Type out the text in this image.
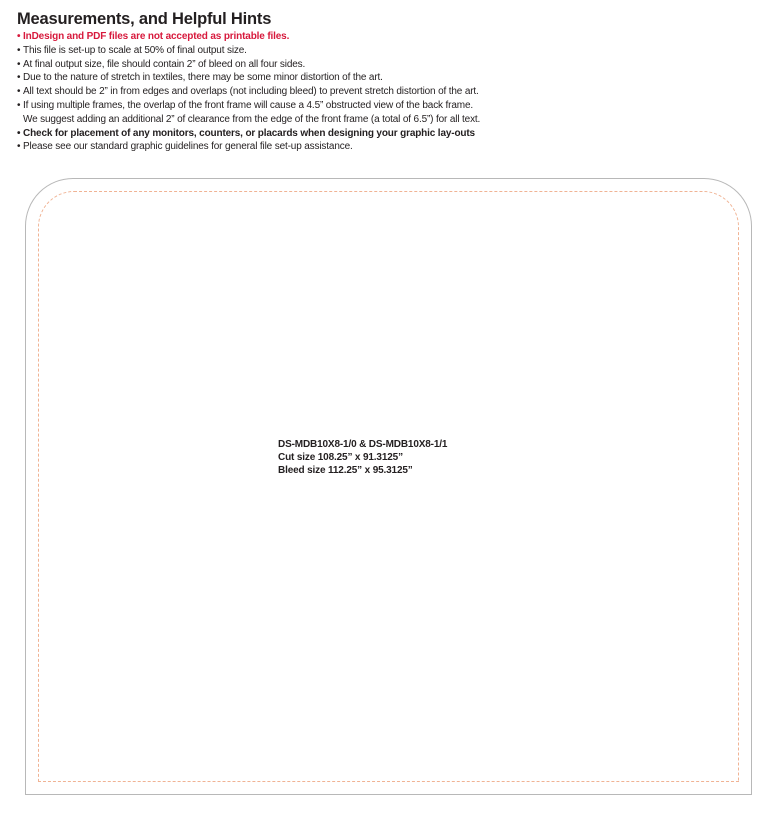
Measurements, and Helpful Hints
• InDesign and PDF files are not accepted as printable files.
• This file is set-up to scale at 50% of final output size.
• At final output size, file should contain 2” of bleed on all four sides.
• Due to the nature of stretch in textiles, there may be some minor distortion of the art.
• All text should be 2” in from edges and overlaps (not including bleed) to prevent stretch distortion of the art.
• If using multiple frames, the overlap of the front frame will cause a 4.5” obstructed view of the back frame.
We suggest adding an additional 2” of clearance from the edge of the front frame (a total of 6.5”) for all text.
• Check for placement of any monitors, counters, or placards when designing your graphic lay-outs
• Please see our standard graphic guidelines for general file set-up assistance.
DS-MDB10X8-1/0 & DS-MDB10X8-1/1
Cut size 108.25” x 91.3125”
Bleed size 112.25” x 95.3125”
